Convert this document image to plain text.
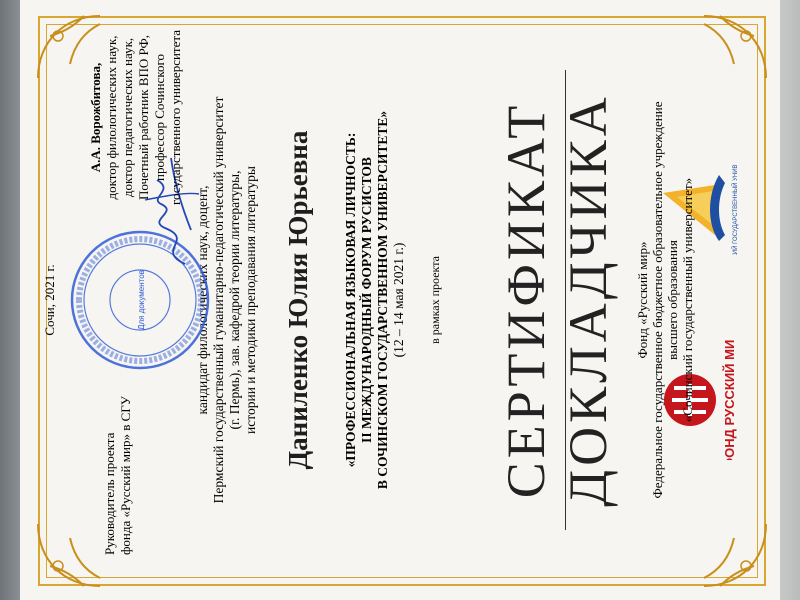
ФОНД РУССКИЙ МИР
СОЧИНСКИЙ ГОСУДАРСТВЕННЫЙ УНИВЕРСИТЕТ
Фонд «Русский мир» Федеральное государственное бюджетное образовательное учреждение высшего образования «Сочинский государственный университет»
СЕРТИФИКАТ ДОКЛАДЧИКА
в рамках проекта
«ПРОФЕССИОНАЛЬНАЯ ЯЗЫКОВАЯ ЛИЧНОСТЬ: II МЕЖДУНАРОДНЫЙ ФОРУМ РУСИСТОВ В СОЧИНСКОМ ГОСУДАРСТВЕННОМ УНИВЕРСИТЕТЕ» (12 – 14 мая 2021 г.)
Даниленко Юлия Юрьевна
кандидат филологических наук, доцент, Пермский государственный гуманитарно-педагогический университет (г. Пермь), зав. кафедрой теории литературы, истории и методики преподавания литературы
Для документов
Руководитель проекта фонда «Русский мир» в СГУ
А.А. Ворожбитова, доктор филологических наук, доктор педагогических наук, Почетный работник ВПО РФ, профессор Сочинского государственного университета
Сочи, 2021 г.
